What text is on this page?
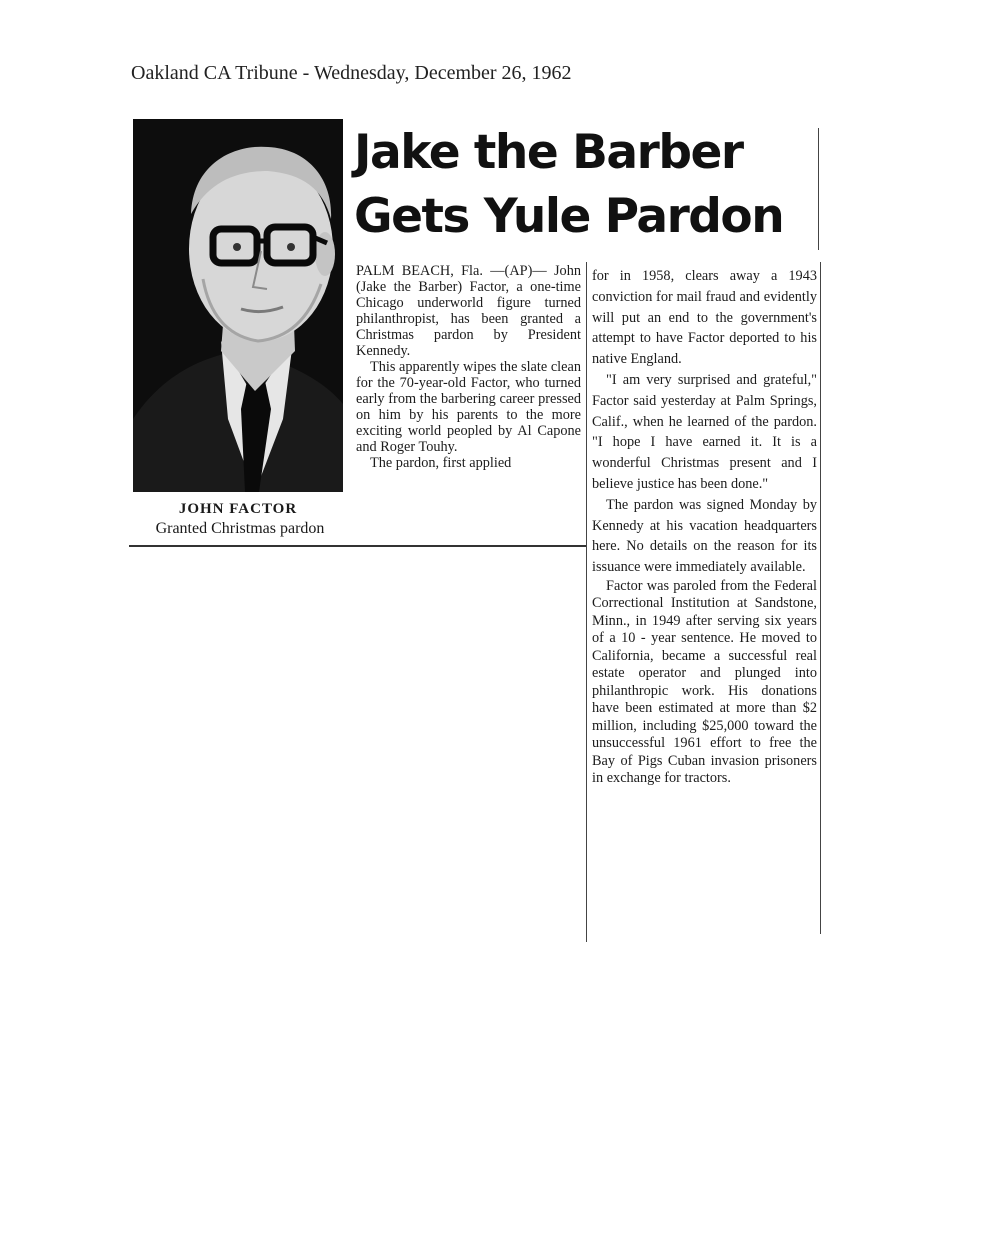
Oakland CA Tribune - Wednesday, December 26, 1962
JOHN FACTOR
Granted Christmas pardon
Jake the Barber
Gets Yule Pardon

PALM BEACH, Fla. —(AP)— John (Jake the Barber) Factor, a one-time Chicago underworld figure turned philanthropist, has been granted a Christmas pardon by President Kennedy.

This apparently wipes the slate clean for the 70-year-old Factor, who turned early from the barbering career pressed on him by his parents to the more exciting world peopled by Al Capone and Roger Touhy.

The pardon, first applied

for in 1958, clears away a 1943 conviction for mail fraud and evidently will put an end to the government's attempt to have Factor deported to his native England.

"I am very surprised and grateful," Factor said yesterday at Palm Springs, Calif., when he learned of the pardon. "I hope I have earned it. It is a wonderful Christmas present and I believe justice has been done."

The pardon was signed Monday by Kennedy at his vacation headquarters here. No details on the reason for its issuance were immediately available.

Factor was paroled from the Federal Correctional Institution at Sandstone, Minn., in 1949 after serving six years of a 10 - year sentence. He moved to California, became a successful real estate operator and plunged into philanthropic work. His donations have been estimated at more than $2 million, including $25,000 toward the unsuccessful 1961 effort to free the Bay of Pigs Cuban invasion prisoners in exchange for tractors.
